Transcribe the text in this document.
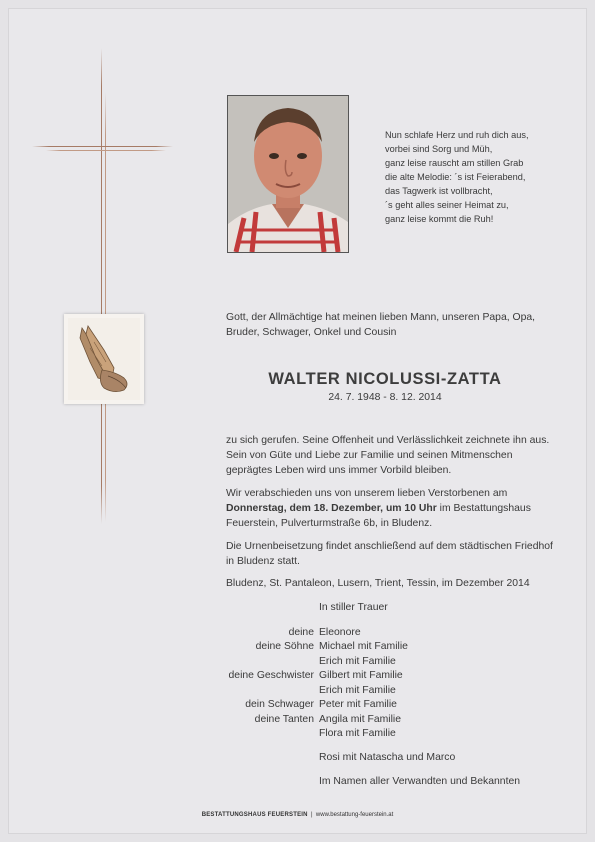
Nun schlafe Herz und ruh dich aus,
vorbei sind Sorg und Müh,
ganz leise rauscht am stillen Grab
die alte Melodie: ´s ist Feierabend,
das Tagwerk ist vollbracht,
´s geht alles seiner Heimat zu,
ganz leise kommt die Ruh!
Gott, der Allmächtige hat meinen lieben Mann, unseren Papa, Opa, Bruder, Schwager, Onkel und Cousin
WALTER NICOLUSSI-ZATTA
24. 7. 1948 - 8. 12. 2014
zu sich gerufen. Seine Offenheit und Verlässlichkeit zeichnete ihn aus. Sein von Güte und Liebe zur Familie und seinen Mitmenschen geprägtes Leben wird uns immer Vorbild bleiben.
Wir verabschieden uns von unserem lieben Verstorbenen am Donnerstag, dem 18. Dezember, um 10 Uhr im Bestattungshaus Feuerstein, Pulverturmstraße 6b, in Bludenz.
Die Urnenbeisetzung findet anschließend auf dem städtischen Friedhof in Bludenz statt.
Bludenz, St. Pantaleon, Lusern, Trient, Tessin, im Dezember 2014
In stiller Trauer
deine Eleonore
deine Söhne Michael mit Familie
Erich mit Familie
deine Geschwister Gilbert mit Familie
Erich mit Familie
dein Schwager Peter mit Familie
deine Tanten Angila mit Familie
Flora mit Familie
Rosi mit Natascha und Marco
Im Namen aller Verwandten und Bekannten
BESTATTUNGSHAUS FEUERSTEIN | www.bestattung-feuerstein.at
